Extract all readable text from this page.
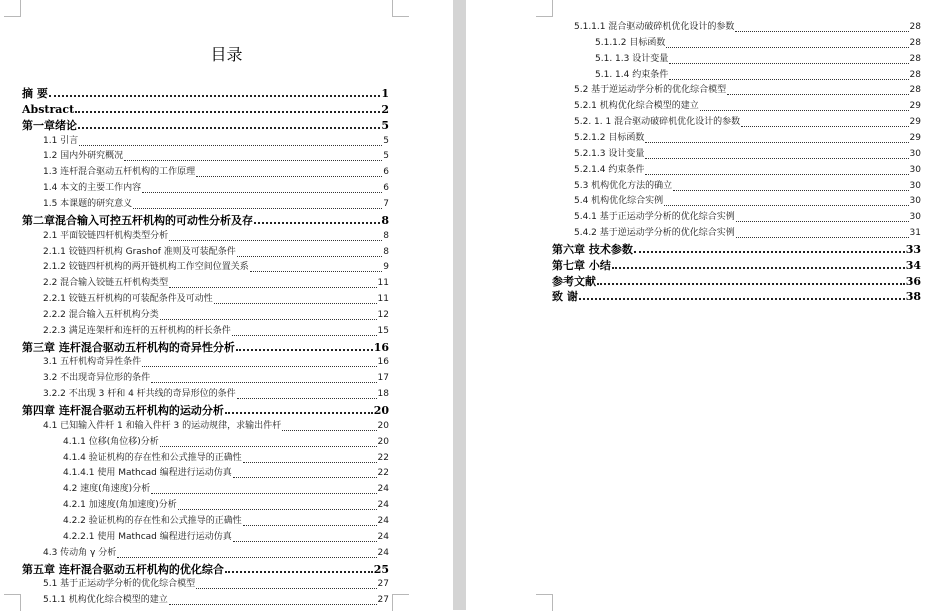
目录
摘 要	1
Abstract	2
第一章绪论	5
1.1 引言	5
1.2 国内外研究概况	5
1.3 连杆混合驱动五杆机构的工作原理	6
1.4 本文的主要工作内容	6
1.5 本课题的研究意义	7
第二章混合输入可控五杆机构的可动性分析及存	8
2.1 平面铰链四杆机构类型分析	8
2.1.1 铰链四杆机构 Grashof 准则及可装配条件	8
2.1.2 铰链四杆机构的两开链机构工作空间位置关系	9
2.2 混合输入铰链五杆机构类型	11
2.2.1 铰链五杆机构的可装配条件及可动性	11
2.2.2 混合输入五杆机构分类	12
2.2.3 满足连架杆和连杆的五杆机构的杆长条件	15
第三章 连杆混合驱动五杆机构的奇异性分析	16
3.1 五杆机构奇异性条件	16
3.2 不出现奇异位形的条件	17
3.2.2 不出现 3 杆和 4 杆共线的奇异形位的条件	18
第四章 连杆混合驱动五杆机构的运动分析	20
4.1 已知输入件杆 1 和输入件杆 3 的运动规律，求输出件杆	20
4.1.1 位移(角位移)分析	20
4.1.4 验证机构的存在性和公式推导的正确性	22
4.1.4.1 使用 Mathcad 编程进行运动仿真	22
4.2 速度(角速度)分析	24
4.2.1 加速度(角加速度)分析	24
4.2.2 验证机构的存在性和公式推导的正确性	24
4.2.2.1 使用 Mathcad 编程进行运动仿真	24
4.3 传动角 γ 分析	24
第五章 连杆混合驱动五杆机构的优化综合	25
5.1 基于正运动学分析的优化综合模型	27
5.1.1 机构优化综合模型的建立	27
5.1.1.1 混合驱动破碎机优化设计的参数	28
5.1.1.2 目标函数	28
5.1. 1.3 设计变量	28
5.1. 1.4 约束条件	28
5.2 基于逆运动学分析的优化综合模型	28
5.2.1 机构优化综合模型的建立	29
5.2. 1. 1 混合驱动破碎机优化设计的参数	29
5.2.1.2 目标函数	29
5.2.1.3 设计变量	30
5.2.1.4 约束条件	30
5.3 机构优化方法的确立	30
5.4 机构优化综合实例	30
5.4.1 基于正运动学分析的优化综合实例	30
5.4.2 基于逆运动学分析的优化综合实例	31
第六章 技术参数	33
第七章 小结	34
参考文献	36
致 谢	38
